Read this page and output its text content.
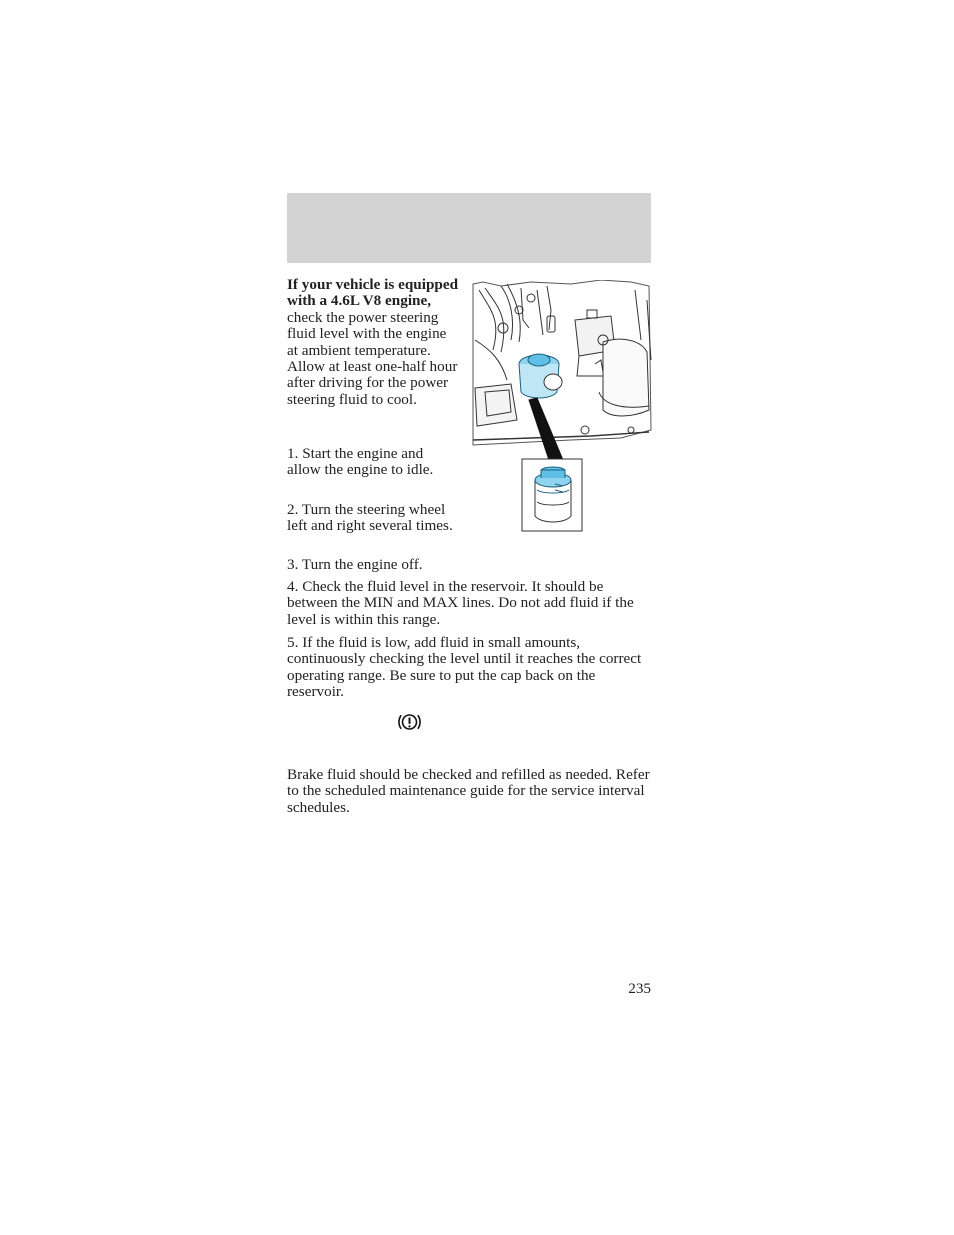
If your vehicle is equipped with a 4.6L V8 engine, check the power steering fluid level with the engine at ambient temperature. Allow at least one-half hour after driving for the power steering fluid to cool.
1. Start the engine and allow the engine to idle.
2. Turn the steering wheel left and right several times.
3. Turn the engine off.
4. Check the fluid level in the reservoir. It should be between the MIN and MAX lines. Do not add fluid if the level is within this range.
5. If the fluid is low, add fluid in small amounts, continuously checking the level until it reaches the correct operating range. Be sure to put the cap back on the reservoir.
Brake fluid should be checked and refilled as needed. Refer to the scheduled maintenance guide for the service interval schedules.
235
